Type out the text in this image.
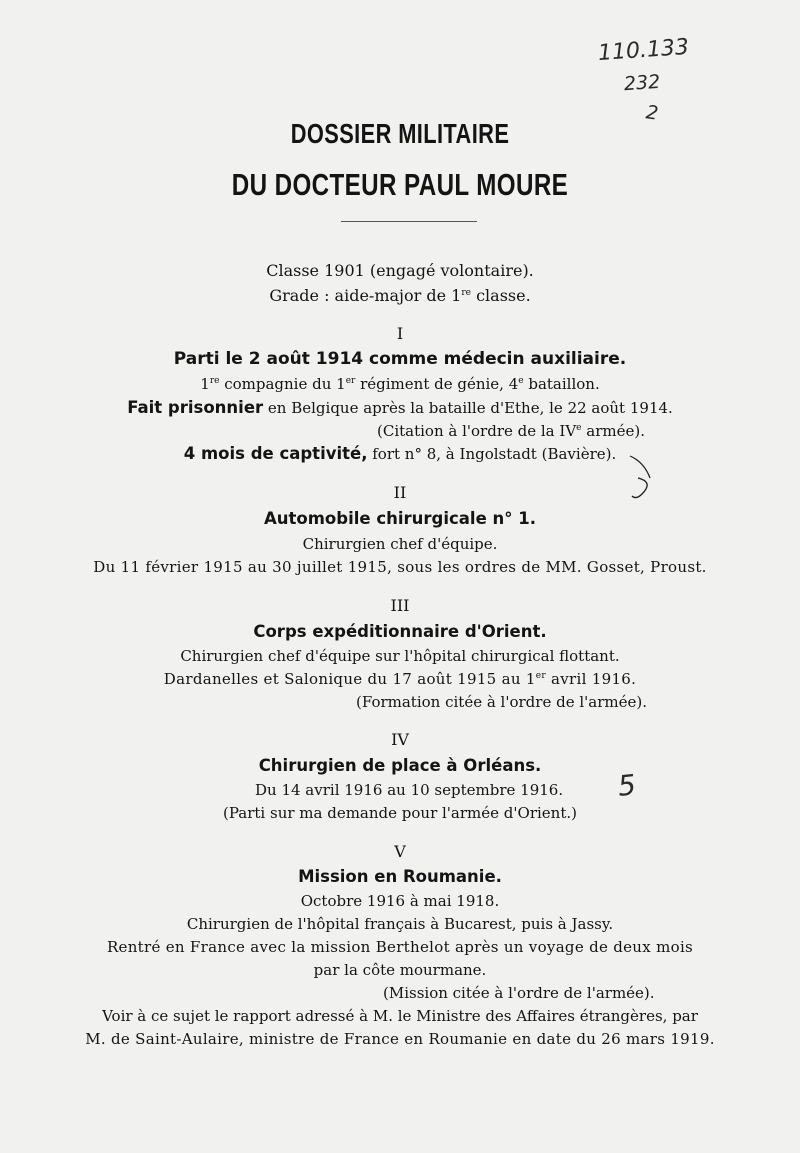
110.133
232
2
DOSSIER MILITAIRE
DU DOCTEUR PAUL MOURE
Classe 1901 (engagé volontaire).
Grade : aide-major de 1re classe.
I
Parti le 2 août 1914 comme médecin auxiliaire.
1re compagnie du 1er régiment de génie, 4e bataillon.
Fait prisonnier en Belgique après la bataille d'Ethe, le 22 août 1914.
(Citation à l'ordre de la IVe armée).
4 mois de captivité, fort n° 8, à Ingolstadt (Bavière).
II
Automobile chirurgicale n° 1.
Chirurgien chef d'équipe.
Du 11 février 1915 au 30 juillet 1915, sous les ordres de MM. Gosset, Proust.
III
Corps expéditionnaire d'Orient.
Chirurgien chef d'équipe sur l'hôpital chirurgical flottant.
Dardanelles et Salonique du 17 août 1915 au 1er avril 1916.
(Formation citée à l'ordre de l'armée).
IV
Chirurgien de place à Orléans.
Du 14 avril 1916 au 10 septembre 1916. 5
(Parti sur ma demande pour l'armée d'Orient.)
V
Mission en Roumanie.
Octobre 1916 à mai 1918.
Chirurgien de l'hôpital français à Bucarest, puis à Jassy.
Rentré en France avec la mission Berthelot après un voyage de deux mois
par la côte mourmane.
(Mission citée à l'ordre de l'armée).
Voir à ce sujet le rapport adressé à M. le Ministre des Affaires étrangères, par
M. de Saint-Aulaire, ministre de France en Roumanie en date du 26 mars 1919.
